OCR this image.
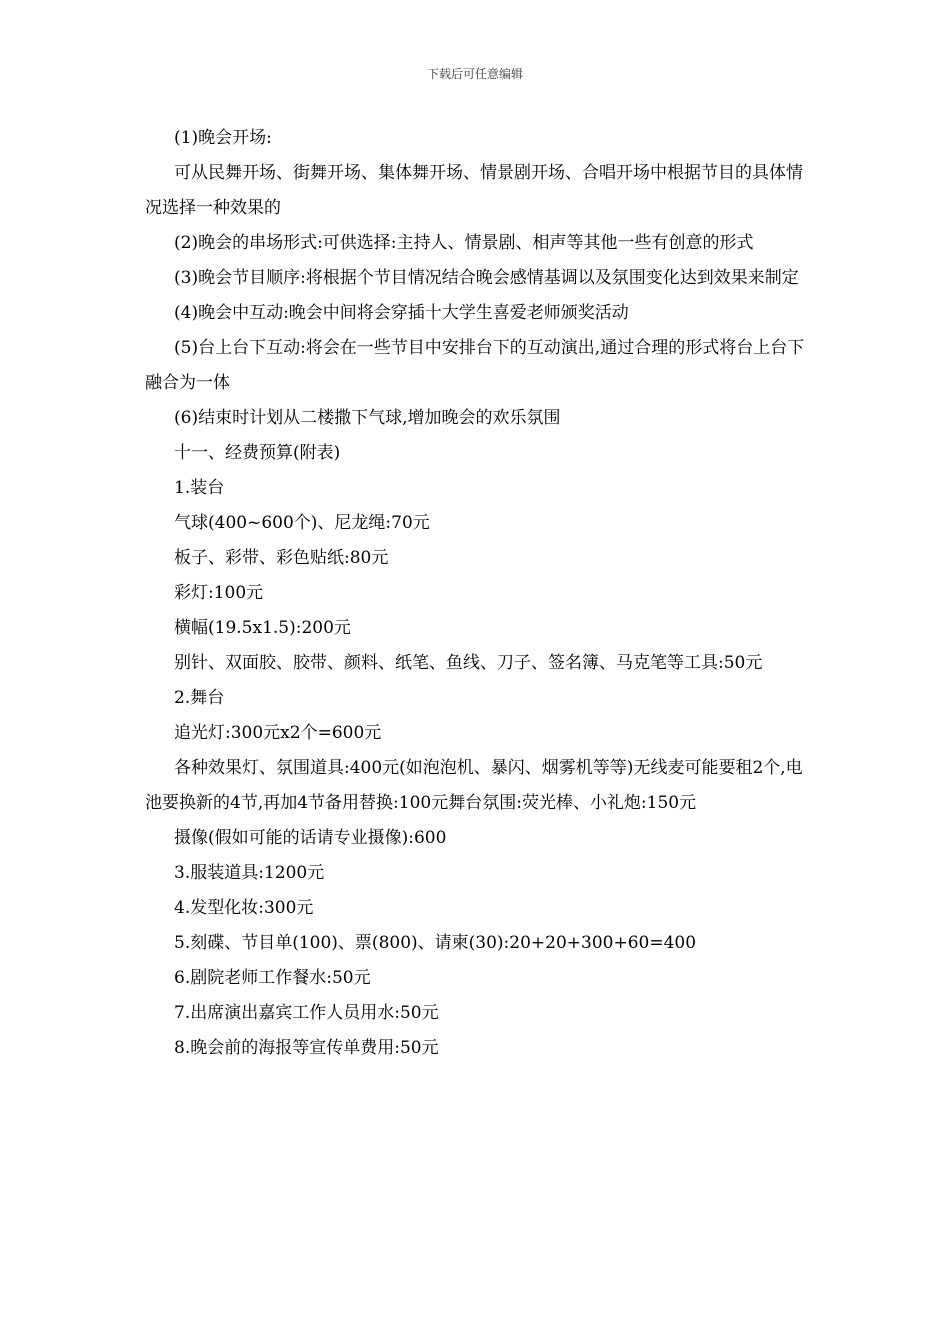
下载后可任意编辑

(1)晚会开场:

可从民舞开场、街舞开场、集体舞开场、情景剧开场、合唱开场中根据节目的具体情况选择一种效果的

(2)晚会的串场形式:可供选择:主持人、情景剧、相声等其他一些有创意的形式

(3)晚会节目顺序:将根据个节目情况结合晚会感情基调以及氛围变化达到效果来制定

(4)晚会中互动:晚会中间将会穿插十大学生喜爱老师颁奖活动

(5)台上台下互动:将会在一些节目中安排台下的互动演出,通过合理的形式将台上台下融合为一体

(6)结束时计划从二楼撒下气球,增加晚会的欢乐氛围

十一、经费预算(附表)

1.装台

气球(400~600个)、尼龙绳:70元

板子、彩带、彩色贴纸:80元

彩灯:100元

横幅(19.5x1.5):200元

别针、双面胶、胶带、颜料、纸笔、鱼线、刀子、签名簿、马克笔等工具:50元

2.舞台

追光灯:300元x2个=600元

各种效果灯、氛围道具:400元(如泡泡机、暴闪、烟雾机等等)无线麦可能要租2个,电池要换新的4节,再加4节备用替换:100元舞台氛围:荧光棒、小礼炮:150元

摄像(假如可能的话请专业摄像):600

3.服装道具:1200元

4.发型化妆:300元

5.刻碟、节目单(100)、票(800)、请柬(30):20+20+300+60=400

6.剧院老师工作餐水:50元

7.出席演出嘉宾工作人员用水:50元

8.晚会前的海报等宣传单费用:50元
